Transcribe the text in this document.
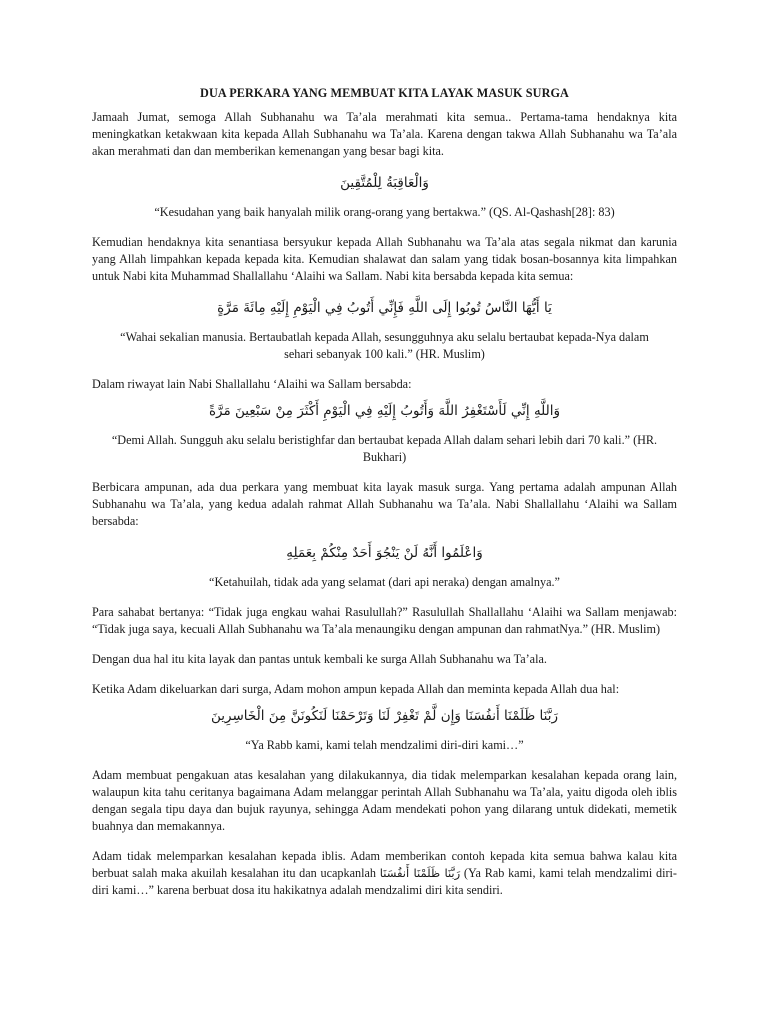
DUA PERKARA YANG MEMBUAT KITA LAYAK MASUK SURGA

Jamaah Jumat, semoga Allah Subhanahu wa Ta’ala merahmati kita semua.. Pertama-tama hendaknya kita meningkatkan ketakwaan kita kepada Allah Subhanahu wa Ta’ala. Karena dengan takwa Allah Subhanahu wa Ta’ala akan merahmati dan dan memberikan kemenangan yang besar bagi kita.

وَالْعَاقِبَةُ لِلْمُتَّقِينَ
“Kesudahan yang baik hanyalah milik orang-orang yang bertakwa.” (QS. Al-Qashash[28]: 83)

Kemudian hendaknya kita senantiasa bersyukur kepada Allah Subhanahu wa Ta’ala atas segala nikmat dan karunia yang Allah limpahkan kepada kepada kita. Kemudian shalawat dan salam yang tidak bosan-bosannya kita limpahkan untuk Nabi kita Muhammad Shallallahu ‘Alaihi wa Sallam. Nabi kita bersabda kepada kita semua:

يَا أَيُّهَا النَّاسُ تُوبُوا إِلَى اللَّهِ فَإِنِّي أَتُوبُ فِي الْيَوْمِ إِلَيْهِ مِائَةَ مَرَّةٍ
“Wahai sekalian manusia. Bertaubatlah kepada Allah, sesungguhnya aku selalu bertaubat kepada-Nya dalam sehari sebanyak 100 kali.” (HR. Muslim)

Dalam riwayat lain Nabi Shallallahu ‘Alaihi wa Sallam bersabda:

وَاللَّهِ إِنِّي لَأَسْتَغْفِرُ اللَّهَ وَأَتُوبُ إِلَيْهِ فِي الْيَوْمِ أَكْثَرَ مِنْ سَبْعِينَ مَرَّةً
“Demi Allah. Sungguh aku selalu beristighfar dan bertaubat kepada Allah dalam sehari lebih dari 70 kali.” (HR. Bukhari)

Berbicara ampunan, ada dua perkara yang membuat kita layak masuk surga. Yang pertama adalah ampunan Allah Subhanahu wa Ta’ala, yang kedua adalah rahmat Allah Subhanahu wa Ta’ala. Nabi Shallallahu ‘Alaihi wa Sallam bersabda:

وَاعْلَمُوا أَنَّهُ لَنْ يَنْجُوَ أَحَدٌ مِنْكُمْ بِعَمَلِهِ
“Ketahuilah, tidak ada yang selamat (dari api neraka) dengan amalnya.”

Para sahabat bertanya: “Tidak juga engkau wahai Rasulullah?” Rasulullah Shallallahu ‘Alaihi wa Sallam menjawab: “Tidak juga saya, kecuali Allah Subhanahu wa Ta’ala menaungiku dengan ampunan dan rahmatNya.” (HR. Muslim)

Dengan dua hal itu kita layak dan pantas untuk kembali ke surga Allah Subhanahu wa Ta’ala.

Ketika Adam dikeluarkan dari surga, Adam mohon ampun kepada Allah dan meminta kepada Allah dua hal:

رَبَّنَا ظَلَمْنَا أَنفُسَنَا وَإِن لَّمْ تَغْفِرْ لَنَا وَتَرْحَمْنَا لَنَكُونَنَّ مِنَ الْخَاسِرِينَ
“Ya Rabb kami, kami telah mendzalimi diri-diri kami…”

Adam membuat pengakuan atas kesalahan yang dilakukannya, dia tidak melemparkan kesalahan kepada orang lain, walaupun kita tahu ceritanya bagaimana Adam melanggar perintah Allah Subhanahu wa Ta’ala, yaitu digoda oleh iblis dengan segala tipu daya dan bujuk rayunya, sehingga Adam mendekati pohon yang dilarang untuk didekati, memetik buahnya dan memakannya.

Adam tidak melemparkan kesalahan kepada iblis. Adam memberikan contoh kepada kita semua bahwa kalau kita berbuat salah maka akuilah kesalahan itu dan ucapkanlah رَبَّنَا ظَلَمْنَا أَنفُسَنَا (Ya Rab kami, kami telah mendzalimi diri-diri kami…” karena berbuat dosa itu hakikatnya adalah mendzalimi diri kita sendiri.
